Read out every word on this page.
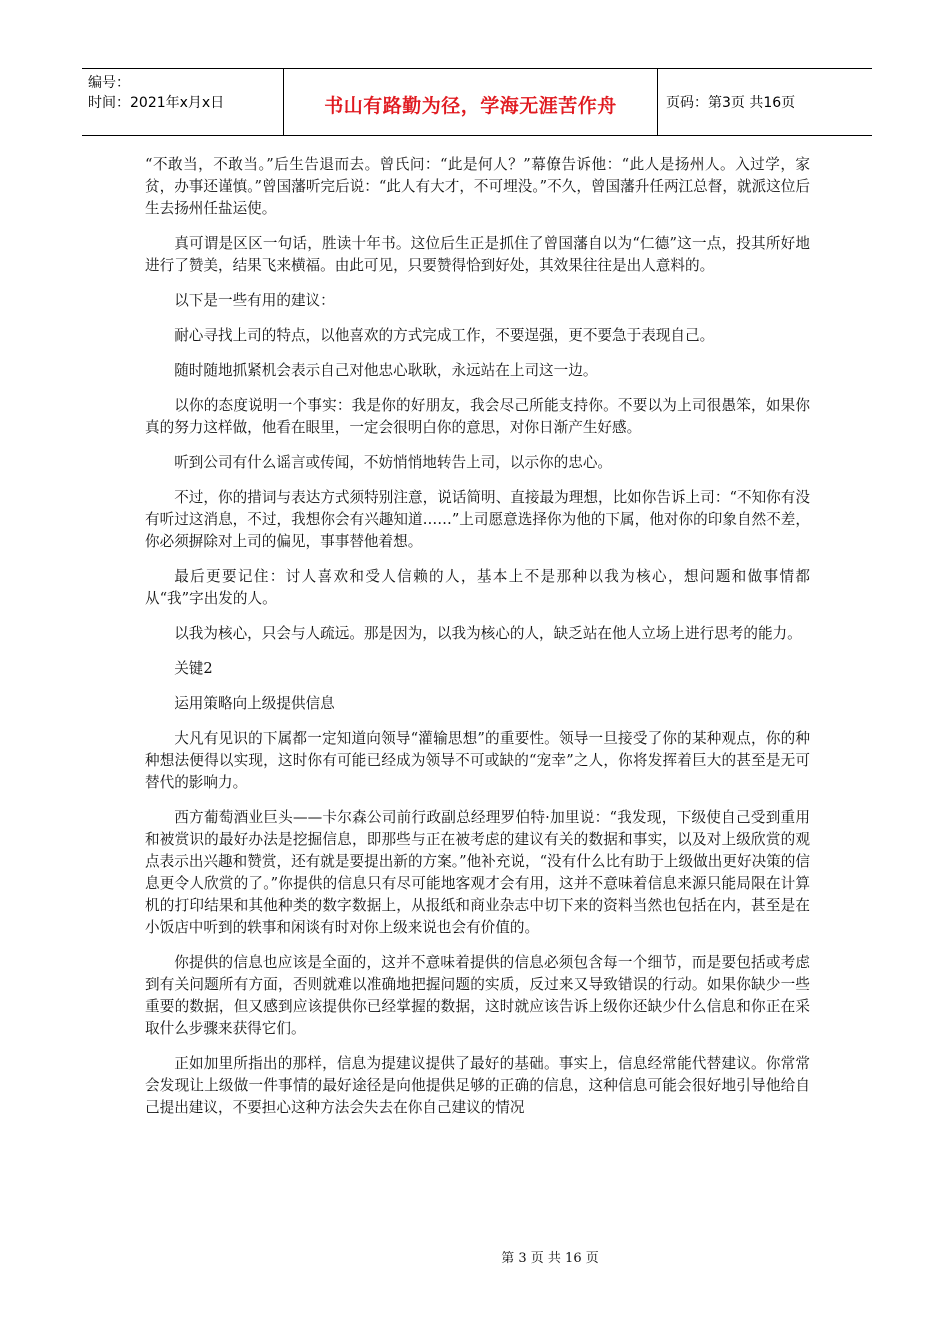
编号：
时间：2021年x月x日	书山有路勤为径，学海无涯苦作舟	页码：第3页 共16页

“不敢当，不敢当。”后生告退而去。曾氏问：“此是何人？”幕僚告诉他：“此人是扬州人。入过学，家贫，办事还谨慎。”曾国藩听完后说：“此人有大才，不可埋没。”不久，曾国藩升任两江总督，就派这位后生去扬州任盐运使。

真可谓是区区一句话，胜读十年书。这位后生正是抓住了曾国藩自以为“仁德”这一点，投其所好地进行了赞美，结果飞来横福。由此可见，只要赞得恰到好处，其效果往往是出人意料的。

以下是一些有用的建议：

耐心寻找上司的特点，以他喜欢的方式完成工作，不要逞强，更不要急于表现自己。

随时随地抓紧机会表示自己对他忠心耿耿，永远站在上司这一边。

以你的态度说明一个事实：我是你的好朋友，我会尽己所能支持你。不要以为上司很愚笨，如果你真的努力这样做，他看在眼里，一定会很明白你的意思，对你日渐产生好感。

听到公司有什么谣言或传闻，不妨悄悄地转告上司，以示你的忠心。

不过，你的措词与表达方式须特别注意，说话简明、直接最为理想，比如你告诉上司：“不知你有没有听过这消息，不过，我想你会有兴趣知道……”上司愿意选择你为他的下属，他对你的印象自然不差，你必须摒除对上司的偏见，事事替他着想。

最后更要记住：讨人喜欢和受人信赖的人，基本上不是那种以我为核心，想问题和做事情都从“我”字出发的人。

以我为核心，只会与人疏远。那是因为，以我为核心的人，缺乏站在他人立场上进行思考的能力。

关键2

运用策略向上级提供信息

大凡有见识的下属都一定知道向领导“灌输思想”的重要性。领导一旦接受了你的某种观点，你的种种想法便得以实现，这时你有可能已经成为领导不可或缺的“宠幸”之人，你将发挥着巨大的甚至是无可替代的影响力。

西方葡萄酒业巨头——卡尔森公司前行政副总经理罗伯特·加里说：“我发现，下级使自己受到重用和被赏识的最好办法是挖掘信息，即那些与正在被考虑的建议有关的数据和事实，以及对上级欣赏的观点表示出兴趣和赞赏，还有就是要提出新的方案。”他补充说，“没有什么比有助于上级做出更好决策的信息更令人欣赏的了。”你提供的信息只有尽可能地客观才会有用，这并不意味着信息来源只能局限在计算机的打印结果和其他种类的数字数据上，从报纸和商业杂志中切下来的资料当然也包括在内，甚至是在小饭店中听到的轶事和闲谈有时对你上级来说也会有价值的。

你提供的信息也应该是全面的，这并不意味着提供的信息必须包含每一个细节，而是要包括或考虑到有关问题所有方面，否则就难以准确地把握问题的实质，反过来又导致错误的行动。如果你缺少一些重要的数据，但又感到应该提供你已经掌握的数据，这时就应该告诉上级你还缺少什么信息和你正在采取什么步骤来获得它们。

正如加里所指出的那样，信息为提建议提供了最好的基础。事实上，信息经常能代替建议。你常常会发现让上级做一件事情的最好途径是向他提供足够的正确的信息，这种信息可能会很好地引导他给自己提出建议，不要担心这种方法会失去在你自己建议的情况

第 3 页 共 16 页
